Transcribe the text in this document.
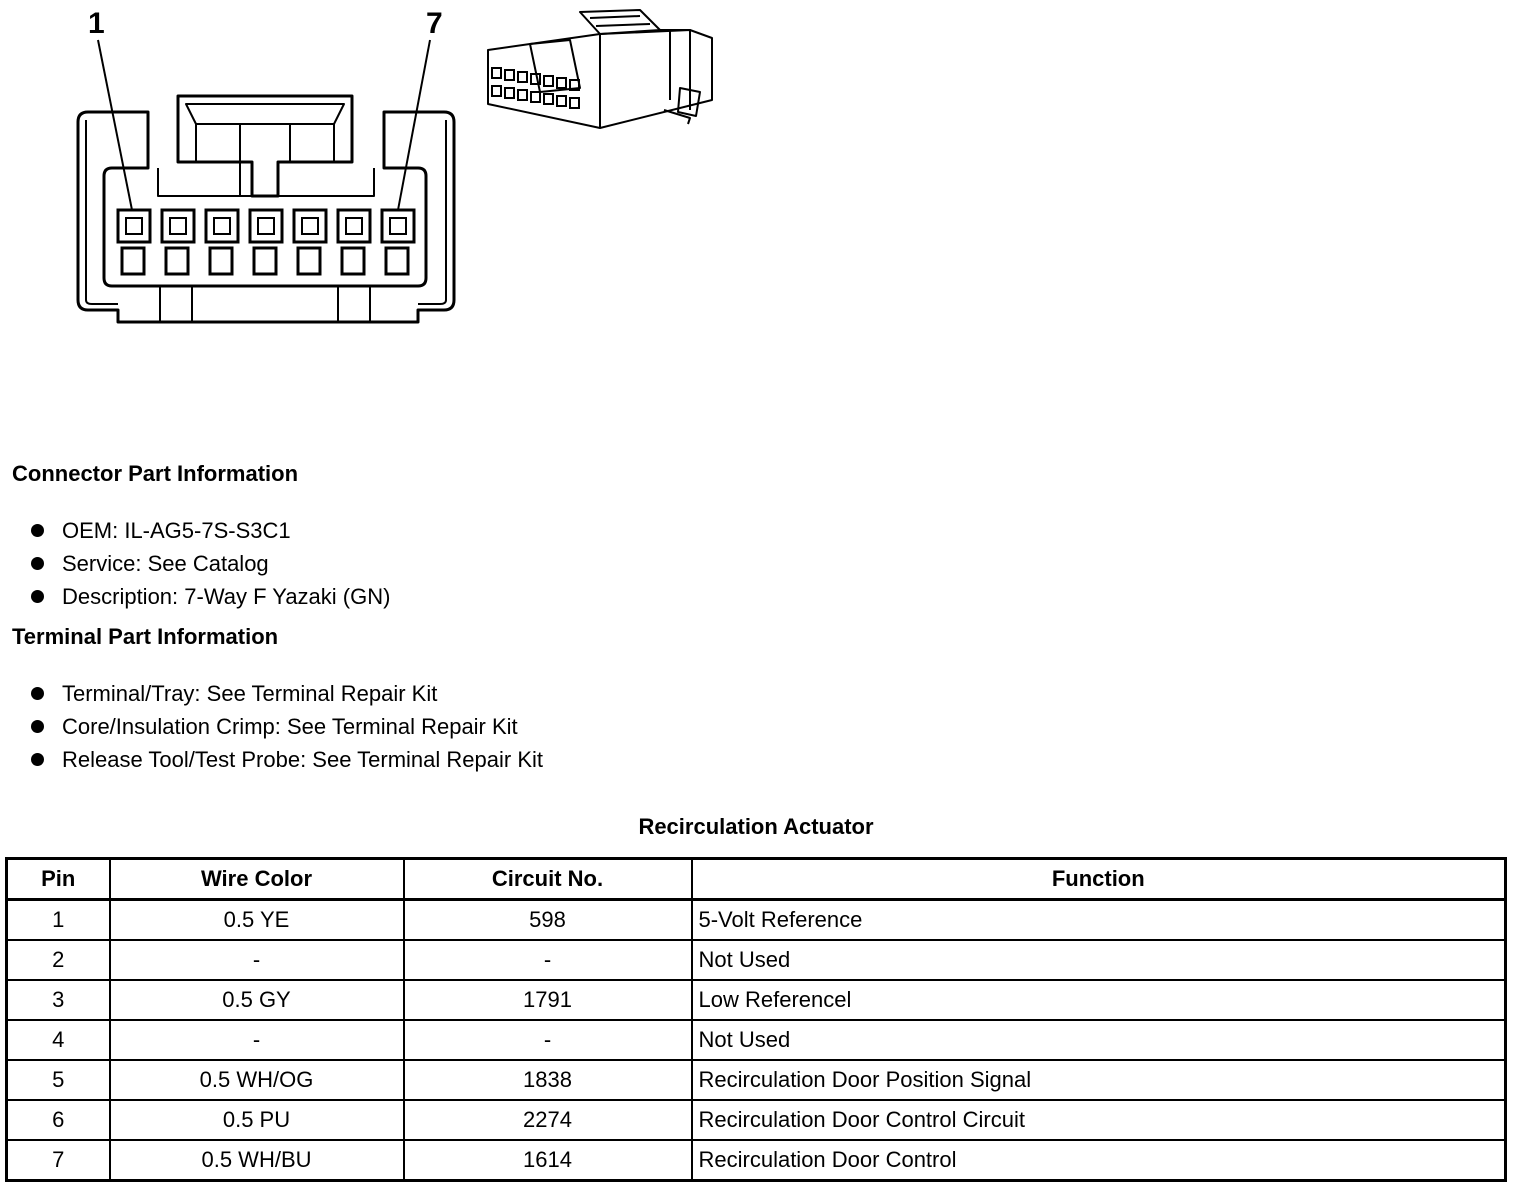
1	7
Connector Part Information
OEM: IL-AG5-7S-S3C1
Service: See Catalog
Description: 7-Way F Yazaki (GN)
Terminal Part Information
Terminal/Tray: See Terminal Repair Kit
Core/Insulation Crimp: See Terminal Repair Kit
Release Tool/Test Probe: See Terminal Repair Kit
Recirculation Actuator
Pin	Wire Color	Circuit No.	Function
1	0.5 YE	598	5-Volt Reference
2	-	-	Not Used
3	0.5 GY	1791	Low Referencel
4	-	-	Not Used
5	0.5 WH/OG	1838	Recirculation Door Position Signal
6	0.5 PU	2274	Recirculation Door Control Circuit
7	0.5 WH/BU	1614	Recirculation Door Control
